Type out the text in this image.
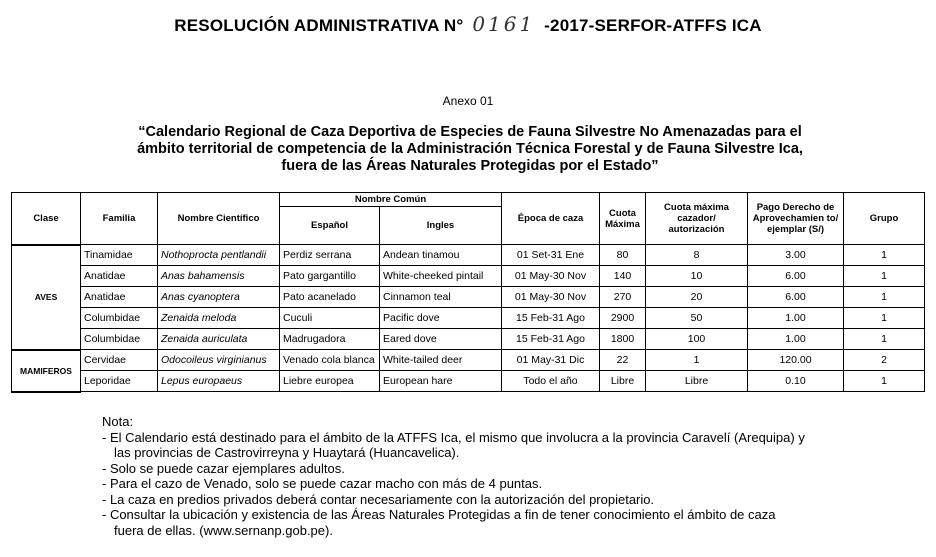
RESOLUCIÓN ADMINISTRATIVA N° 0161 -2017-SERFOR-ATFFS ICA
Anexo 01
“Calendario Regional de Caza Deportiva de Especies de Fauna Silvestre No Amenazadas para el
ámbito territorial de competencia de la Administración Técnica Forestal y de Fauna Silvestre Ica,
fuera de las Áreas Naturales Protegidas por el Estado”
Clase	Familia	Nombre Científico	Nombre Común		Época de caza	Cuota Máxima	Cuota máxima cazador/ autorización	Pago Derecho de Aprovechamien to/ ejemplar (S/)	Grupo
			Español	Ingles					
AVES	Tinamidae	Nothoprocta pentlandii	Perdiz serrana	Andean tinamou	01 Set-31 Ene	80	8	3.00	1
	Anatidae	Anas bahamensis	Pato gargantillo	White-cheeked pintail	01 May-30 Nov	140	10	6.00	1
	Anatidae	Anas cyanoptera	Pato acanelado	Cinnamon teal	01 May-30 Nov	270	20	6.00	1
	Columbidae	Zenaida meloda	Cuculi	Pacific dove	15 Feb-31 Ago	2900	50	1.00	1
	Columbidae	Zenaida auriculata	Madrugadora	Eared dove	15 Feb-31 Ago	1800	100	1.00	1
MAMIFEROS	Cervidae	Odocoileus virginianus	Venado cola blanca	White-tailed deer	01 May-31 Dic	22	1	120.00	2
	Leporidae	Lepus europaeus	Liebre europea	European hare	Todo el año	Libre	Libre	0.10	1
Nota:
- El Calendario está destinado para el ámbito de la ATFFS Ica, el mismo que involucra a la provincia Caravelí (Arequipa) y
las provincias de Castrovirreyna y Huaytará (Huancavelica).
- Solo se puede cazar ejemplares adultos.
- Para el cazo de Venado, solo se puede cazar macho con más de 4 puntas.
- La caza en predios privados deberá contar necesariamente con la autorización del propietario.
- Consultar la ubicación y existencia de las Áreas Naturales Protegidas a fin de tener conocimiento el ámbito de caza
fuera de ellas. (www.sernanp.gob.pe).
